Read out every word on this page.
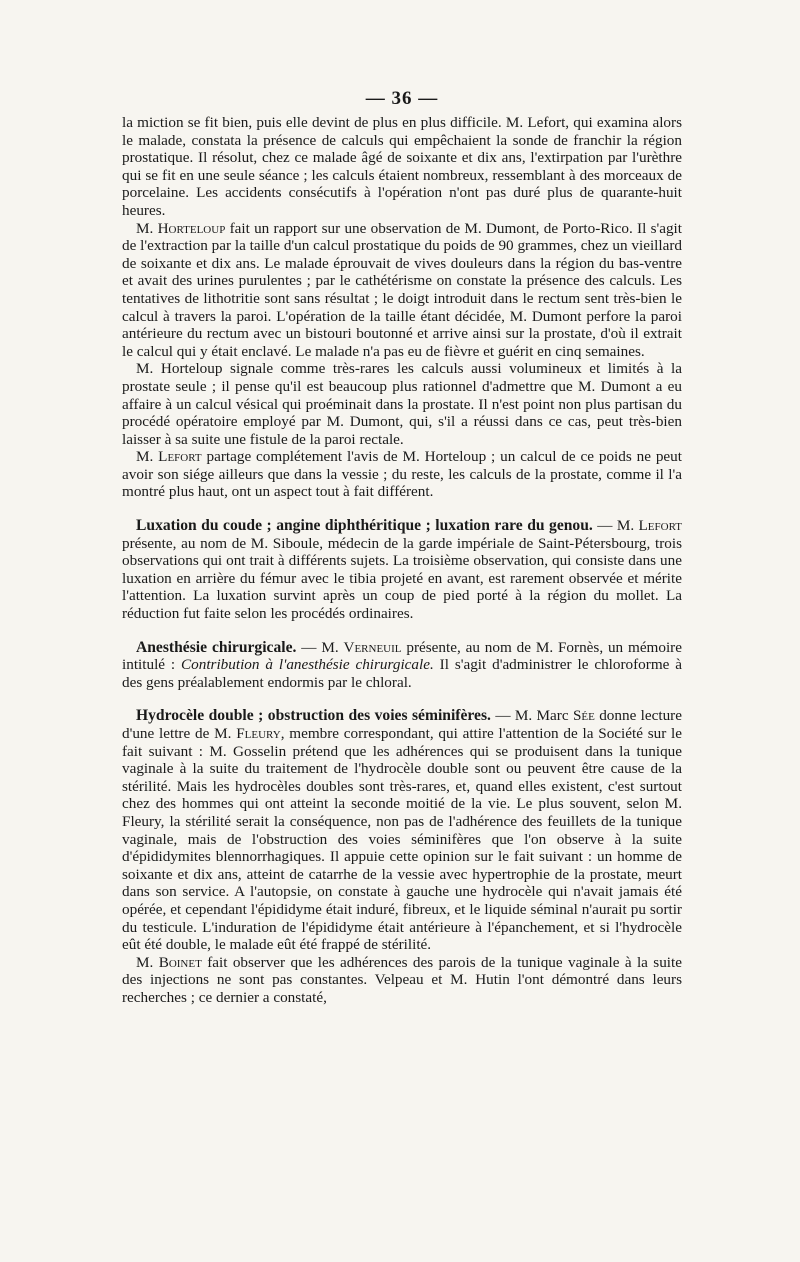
— 36 —

la miction se fit bien, puis elle devint de plus en plus difficile. M. Lefort, qui examina alors le malade, constata la présence de calculs qui empêchaient la sonde de franchir la région prostatique. Il résolut, chez ce malade âgé de soixante et dix ans, l'extirpation par l'urèthre qui se fit en une seule séance ; les calculs étaient nombreux, ressemblant à des morceaux de porcelaine. Les accidents consécutifs à l'opération n'ont pas duré plus de quarante-huit heures.

M. Horteloup fait un rapport sur une observation de M. Dumont, de Porto-Rico. Il s'agit de l'extraction par la taille d'un calcul prostatique du poids de 90 grammes, chez un vieillard de soixante et dix ans. Le malade éprouvait de vives douleurs dans la région du bas-ventre et avait des urines purulentes ; par le cathétérisme on constate la présence des calculs. Les tentatives de lithotritie sont sans résultat ; le doigt introduit dans le rectum sent très-bien le calcul à travers la paroi. L'opération de la taille étant décidée, M. Dumont perfore la paroi antérieure du rectum avec un bistouri boutonné et arrive ainsi sur la prostate, d'où il extrait le calcul qui y était enclavé. Le malade n'a pas eu de fièvre et guérit en cinq semaines.

M. Horteloup signale comme très-rares les calculs aussi volumineux et limités à la prostate seule ; il pense qu'il est beaucoup plus rationnel d'admettre que M. Dumont a eu affaire à un calcul vésical qui proéminait dans la prostate. Il n'est point non plus partisan du procédé opératoire employé par M. Dumont, qui, s'il a réussi dans ce cas, peut très-bien laisser à sa suite une fistule de la paroi rectale.

M. Lefort partage complétement l'avis de M. Horteloup ; un calcul de ce poids ne peut avoir son siége ailleurs que dans la vessie ; du reste, les calculs de la prostate, comme il l'a montré plus haut, ont un aspect tout à fait différent.

Luxation du coude ; angine diphthéritique ; luxation rare du genou. — M. Lefort présente, au nom de M. Siboule, médecin de la garde impériale de Saint-Pétersbourg, trois observations qui ont trait à différents sujets. La troisième observation, qui consiste dans une luxation en arrière du fémur avec le tibia projeté en avant, est rarement observée et mérite l'attention. La luxation survint après un coup de pied porté à la région du mollet. La réduction fut faite selon les procédés ordinaires.

Anesthésie chirurgicale. — M. Verneuil présente, au nom de M. Fornès, un mémoire intitulé : Contribution à l'anesthésie chirurgicale. Il s'agit d'administrer le chloroforme à des gens préalablement endormis par le chloral.

Hydrocèle double ; obstruction des voies séminifères. — M. Marc Sée donne lecture d'une lettre de M. Fleury, membre correspondant, qui attire l'attention de la Société sur le fait suivant : M. Gosselin prétend que les adhérences qui se produisent dans la tunique vaginale à la suite du traitement de l'hydrocèle double sont ou peuvent être cause de la stérilité. Mais les hydrocèles doubles sont très-rares, et, quand elles existent, c'est surtout chez des hommes qui ont atteint la seconde moitié de la vie. Le plus souvent, selon M. Fleury, la stérilité serait la conséquence, non pas de l'adhérence des feuillets de la tunique vaginale, mais de l'obstruction des voies séminifères que l'on observe à la suite d'épididymites blennorrhagiques. Il appuie cette opinion sur le fait suivant : un homme de soixante et dix ans, atteint de catarrhe de la vessie avec hypertrophie de la prostate, meurt dans son service. A l'autopsie, on constate à gauche une hydrocèle qui n'avait jamais été opérée, et cependant l'épididyme était induré, fibreux, et le liquide séminal n'aurait pu sortir du testicule. L'induration de l'épididyme était antérieure à l'épanchement, et si l'hydrocèle eût été double, le malade eût été frappé de stérilité.

M. Boinet fait observer que les adhérences des parois de la tunique vaginale à la suite des injections ne sont pas constantes. Velpeau et M. Hutin l'ont démontré dans leurs recherches ; ce dernier a constaté,
